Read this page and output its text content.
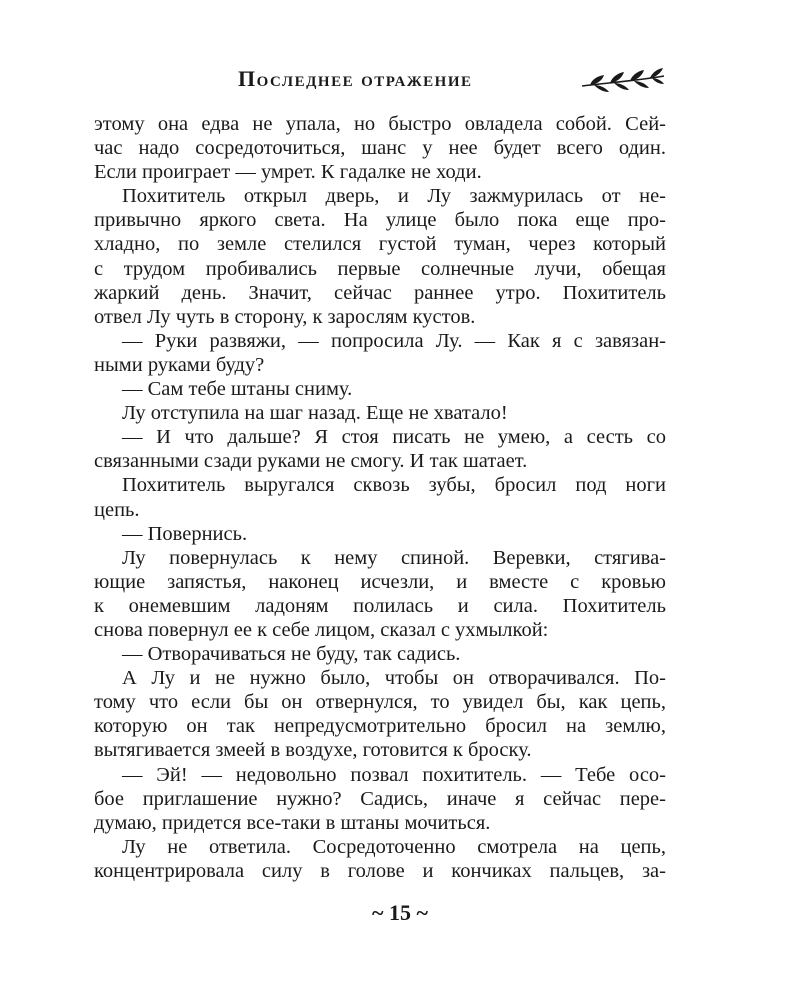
Последнее отражение
этому она едва не упала, но быстро овладела собой. Сей-
час надо сосредоточиться, шанс у нее будет всего один.
Если проиграет — умрет. К гадалке не ходи.
Похититель открыл дверь, и Лу зажмурилась от не-
привычно яркого света. На улице было пока еще про-
хладно, по земле стелился густой туман, через который
с трудом пробивались первые солнечные лучи, обещая
жаркий день. Значит, сейчас раннее утро. Похититель
отвел Лу чуть в сторону, к зарослям кустов.
— Руки развяжи, — попросила Лу. — Как я с завязан-
ными руками буду?
— Сам тебе штаны сниму.
Лу отступила на шаг назад. Еще не хватало!
— И что дальше? Я стоя писать не умею, а сесть со
связанными сзади руками не смогу. И так шатает.
Похититель выругался сквозь зубы, бросил под ноги
цепь.
— Повернись.
Лу повернулась к нему спиной. Веревки, стягива-
ющие запястья, наконец исчезли, и вместе с кровью
к онемевшим ладоням полилась и сила. Похититель
снова повернул ее к себе лицом, сказал с ухмылкой:
— Отворачиваться не буду, так садись.
А Лу и не нужно было, чтобы он отворачивался. По-
тому что если бы он отвернулся, то увидел бы, как цепь,
которую он так непредусмотрительно бросил на землю,
вытягивается змеей в воздухе, готовится к броску.
— Эй! — недовольно позвал похититель. — Тебе осо-
бое приглашение нужно? Садись, иначе я сейчас пере-
думаю, придется все-таки в штаны мочиться.
Лу не ответила. Сосредоточенно смотрела на цепь,
концентрировала силу в голове и кончиках пальцев, за-
~ 15 ~
